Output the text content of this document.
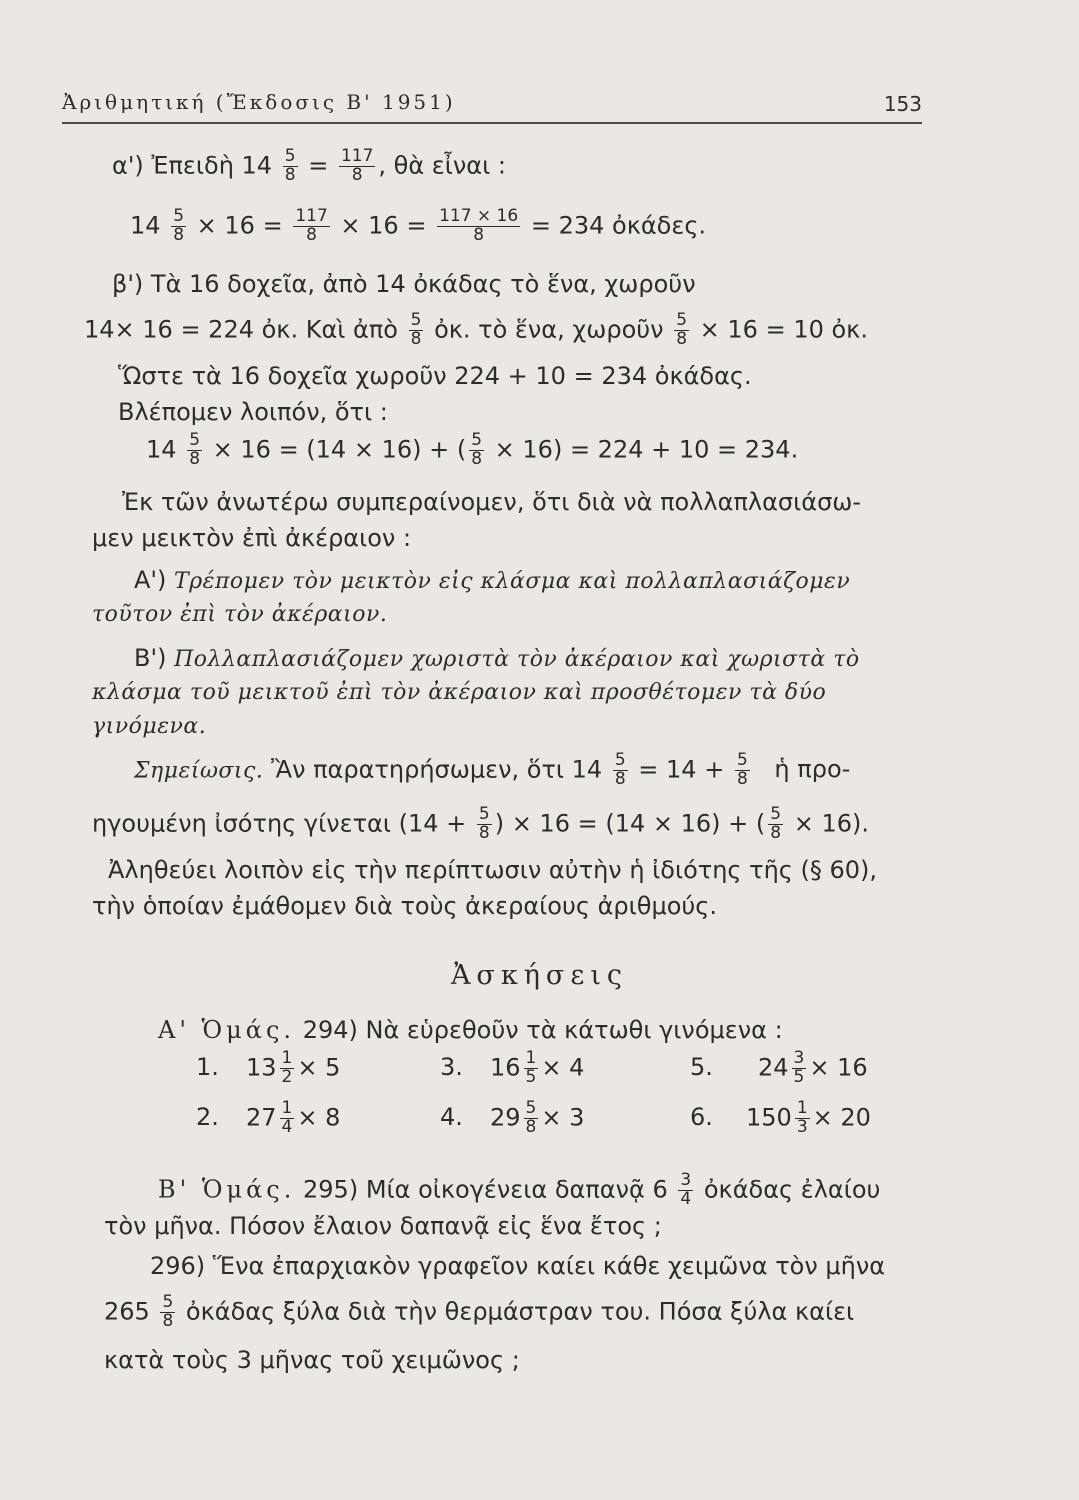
Ἀριθμητική (Ἔκδοσις Β' 1951)	153
α') Ἐπειδὴ $14 \frac{5}{8} = \frac{117}{8}$ , θὰ εἶναι :
$14 \frac{5}{8} \times 16 = \frac{117}{8} \times 16 = \frac{117 \times 16}{8} = 234$ ὀκάδες.
β') Τὰ 16 δοχεῖα, ἀπὸ 14 ὀκάδας τὸ ἕνα, χωροῦν
14× 16 = 224 ὀκ. Καὶ ἀπὸ $\frac{5}{8}$ ὀκ. τὸ ἕνα, χωροῦν $\frac{5}{8} \times 16 = 10$ ὀκ.
Ὥστε τὰ 16 δοχεῖα χωροῦν 224 + 10 = 234 ὀκάδας.
Βλέπομεν λοιπόν, ὅτι :
$14 \frac{5}{8} \times 16 = (14 \times 16)$ + ( $\frac{5}{8} \times 16) = 224 + 10 = 234$.
Ἐκ τῶν ἀνωτέρω συμπεραίνομεν, ὅτι διὰ νὰ πολλαπλασιάσω-
μεν μεικτὸν ἐπὶ ἀκέραιον :
Α') Τρέπομεν τὸν μεικτὸν εἰς κλάσμα καὶ πολλαπλασιάζομεν
τοῦτον ἐπὶ τὸν ἀκέραιον.
Β') Πολλαπλασιάζομεν χωριστὰ τὸν ἀκέραιον καὶ χωριστὰ τὸ
κλάσμα τοῦ μεικτοῦ ἐπὶ τὸν ἀκέραιον καὶ προσθέτομεν τὰ δύο
γινόμενα.
Σημείωσις. Ἂν παρατηρήσωμεν, ὅτι $14 \frac{5}{8} = 14 + \frac{5}{8}$ ἡ προ-
ηγουμένη ἰσότης γίνεται ($14 + \frac{5}{8}$ ) × 16 = (14 × 16) + ( $\frac{5}{8} \times 16$).
Ἀληθεύει λοιπὸν εἰς τὴν περίπτωσιν αὐτὴν ἡ ἰδιότης τῆς (§ 60),
τὴν ὁποίαν ἐμάθομεν διὰ τοὺς ἀκεραίους ἀριθμούς.
Ἀσκήσεις
Α' Ὁμάς. 294) Νὰ εὑρεθοῦν τὰ κάτωθι γινόμενα :
1. $13 \frac{1}{2} \times 5$	3. $16 \frac{1}{5} \times 4$	5. $24 \frac{3}{5} \times 16$
2. $27 \frac{1}{4} \times 8$	4. $29 \frac{5}{8} \times 3$	6. $150 \frac{1}{3} \times 20$
Β' Ὁμάς. 295) Μία οἰκογένεια δαπανᾷ $6 \frac{3}{4}$ ὀκάδας ἐλαίου
τὸν μῆνα. Πόσον ἔλαιον δαπανᾷ εἰς ἕνα ἔτος ;
296) Ἕνα ἐπαρχιακὸν γραφεῖον καίει κάθε χειμῶνα τὸν μῆνα
$265 \frac{5}{8}$ ὀκάδας ξύλα διὰ τὴν θερμάστραν του. Πόσα ξύλα καίει
κατὰ τοὺς 3 μῆνας τοῦ χειμῶνος ;
